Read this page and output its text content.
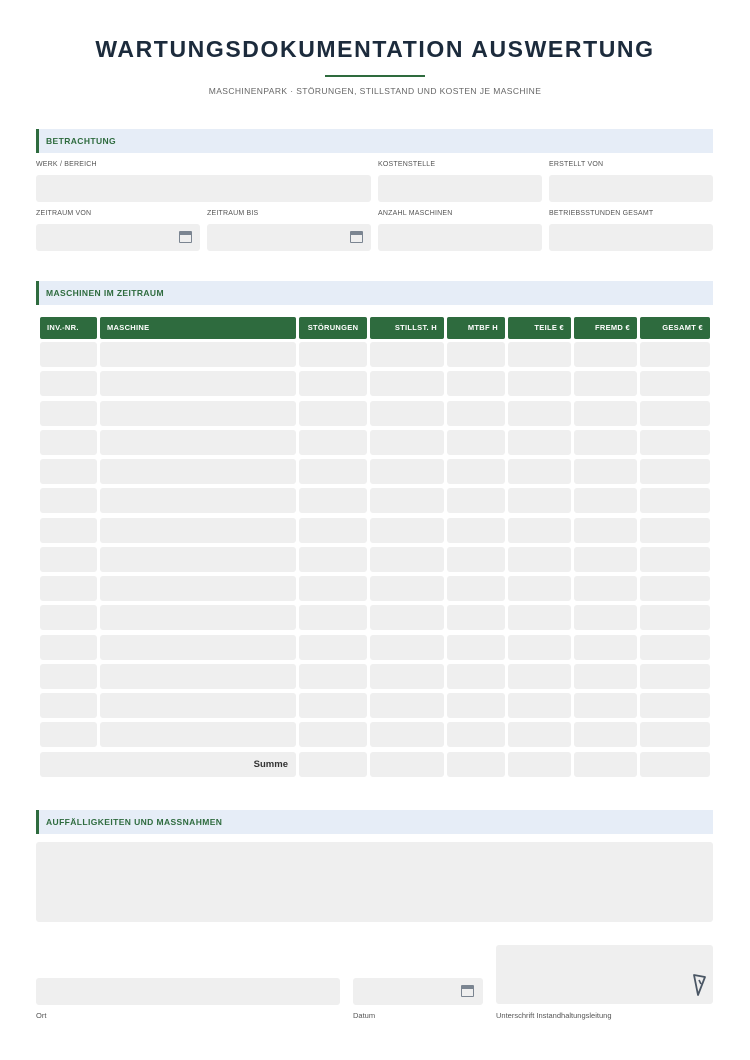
WARTUNGSDOKUMENTATION AUSWERTUNG
MASCHINENPARK · STÖRUNGEN, STILLSTAND UND KOSTEN JE MASCHINE
BETRACHTUNG
WERK / BEREICH	KOSTENSTELLE	ERSTELLT VON
ZEITRAUM VON	ZEITRAUM BIS	ANZAHL MASCHINEN	BETRIEBSSTUNDEN GESAMT
MASCHINEN IM ZEITRAUM
INV.-NR.	MASCHINE	STÖRUNGEN	STILLST. H	MTBF H	TEILE €	FREMD €	GESAMT €
Summe
AUFFÄLLIGKEITEN UND MASSNAHMEN
Ort	Datum	Unterschrift Instandhaltungsleitung
